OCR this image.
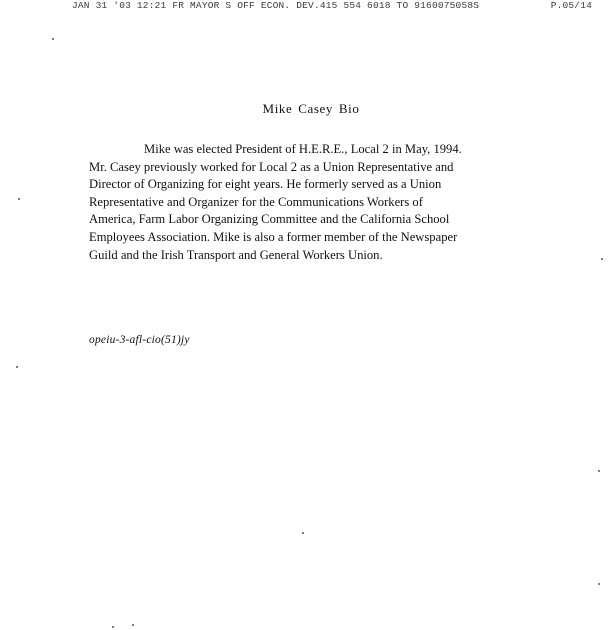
JAN 31 '03 12:21 FR MAYOR S OFF ECON. DEV.415 554 6018 TO 9160075058S	P.05/14
Mike Casey Bio
Mike was elected President of H.E.R.E., Local 2 in May, 1994.
Mr. Casey previously worked for Local 2 as a Union Representative and
Director of Organizing for eight years. He formerly served as a Union
Representative and Organizer for the Communications Workers of
America, Farm Labor Organizing Committee and the California School
Employees Association. Mike is also a former member of the Newspaper
Guild and the Irish Transport and General Workers Union.
opeiu-3-afl-cio(51)jy
